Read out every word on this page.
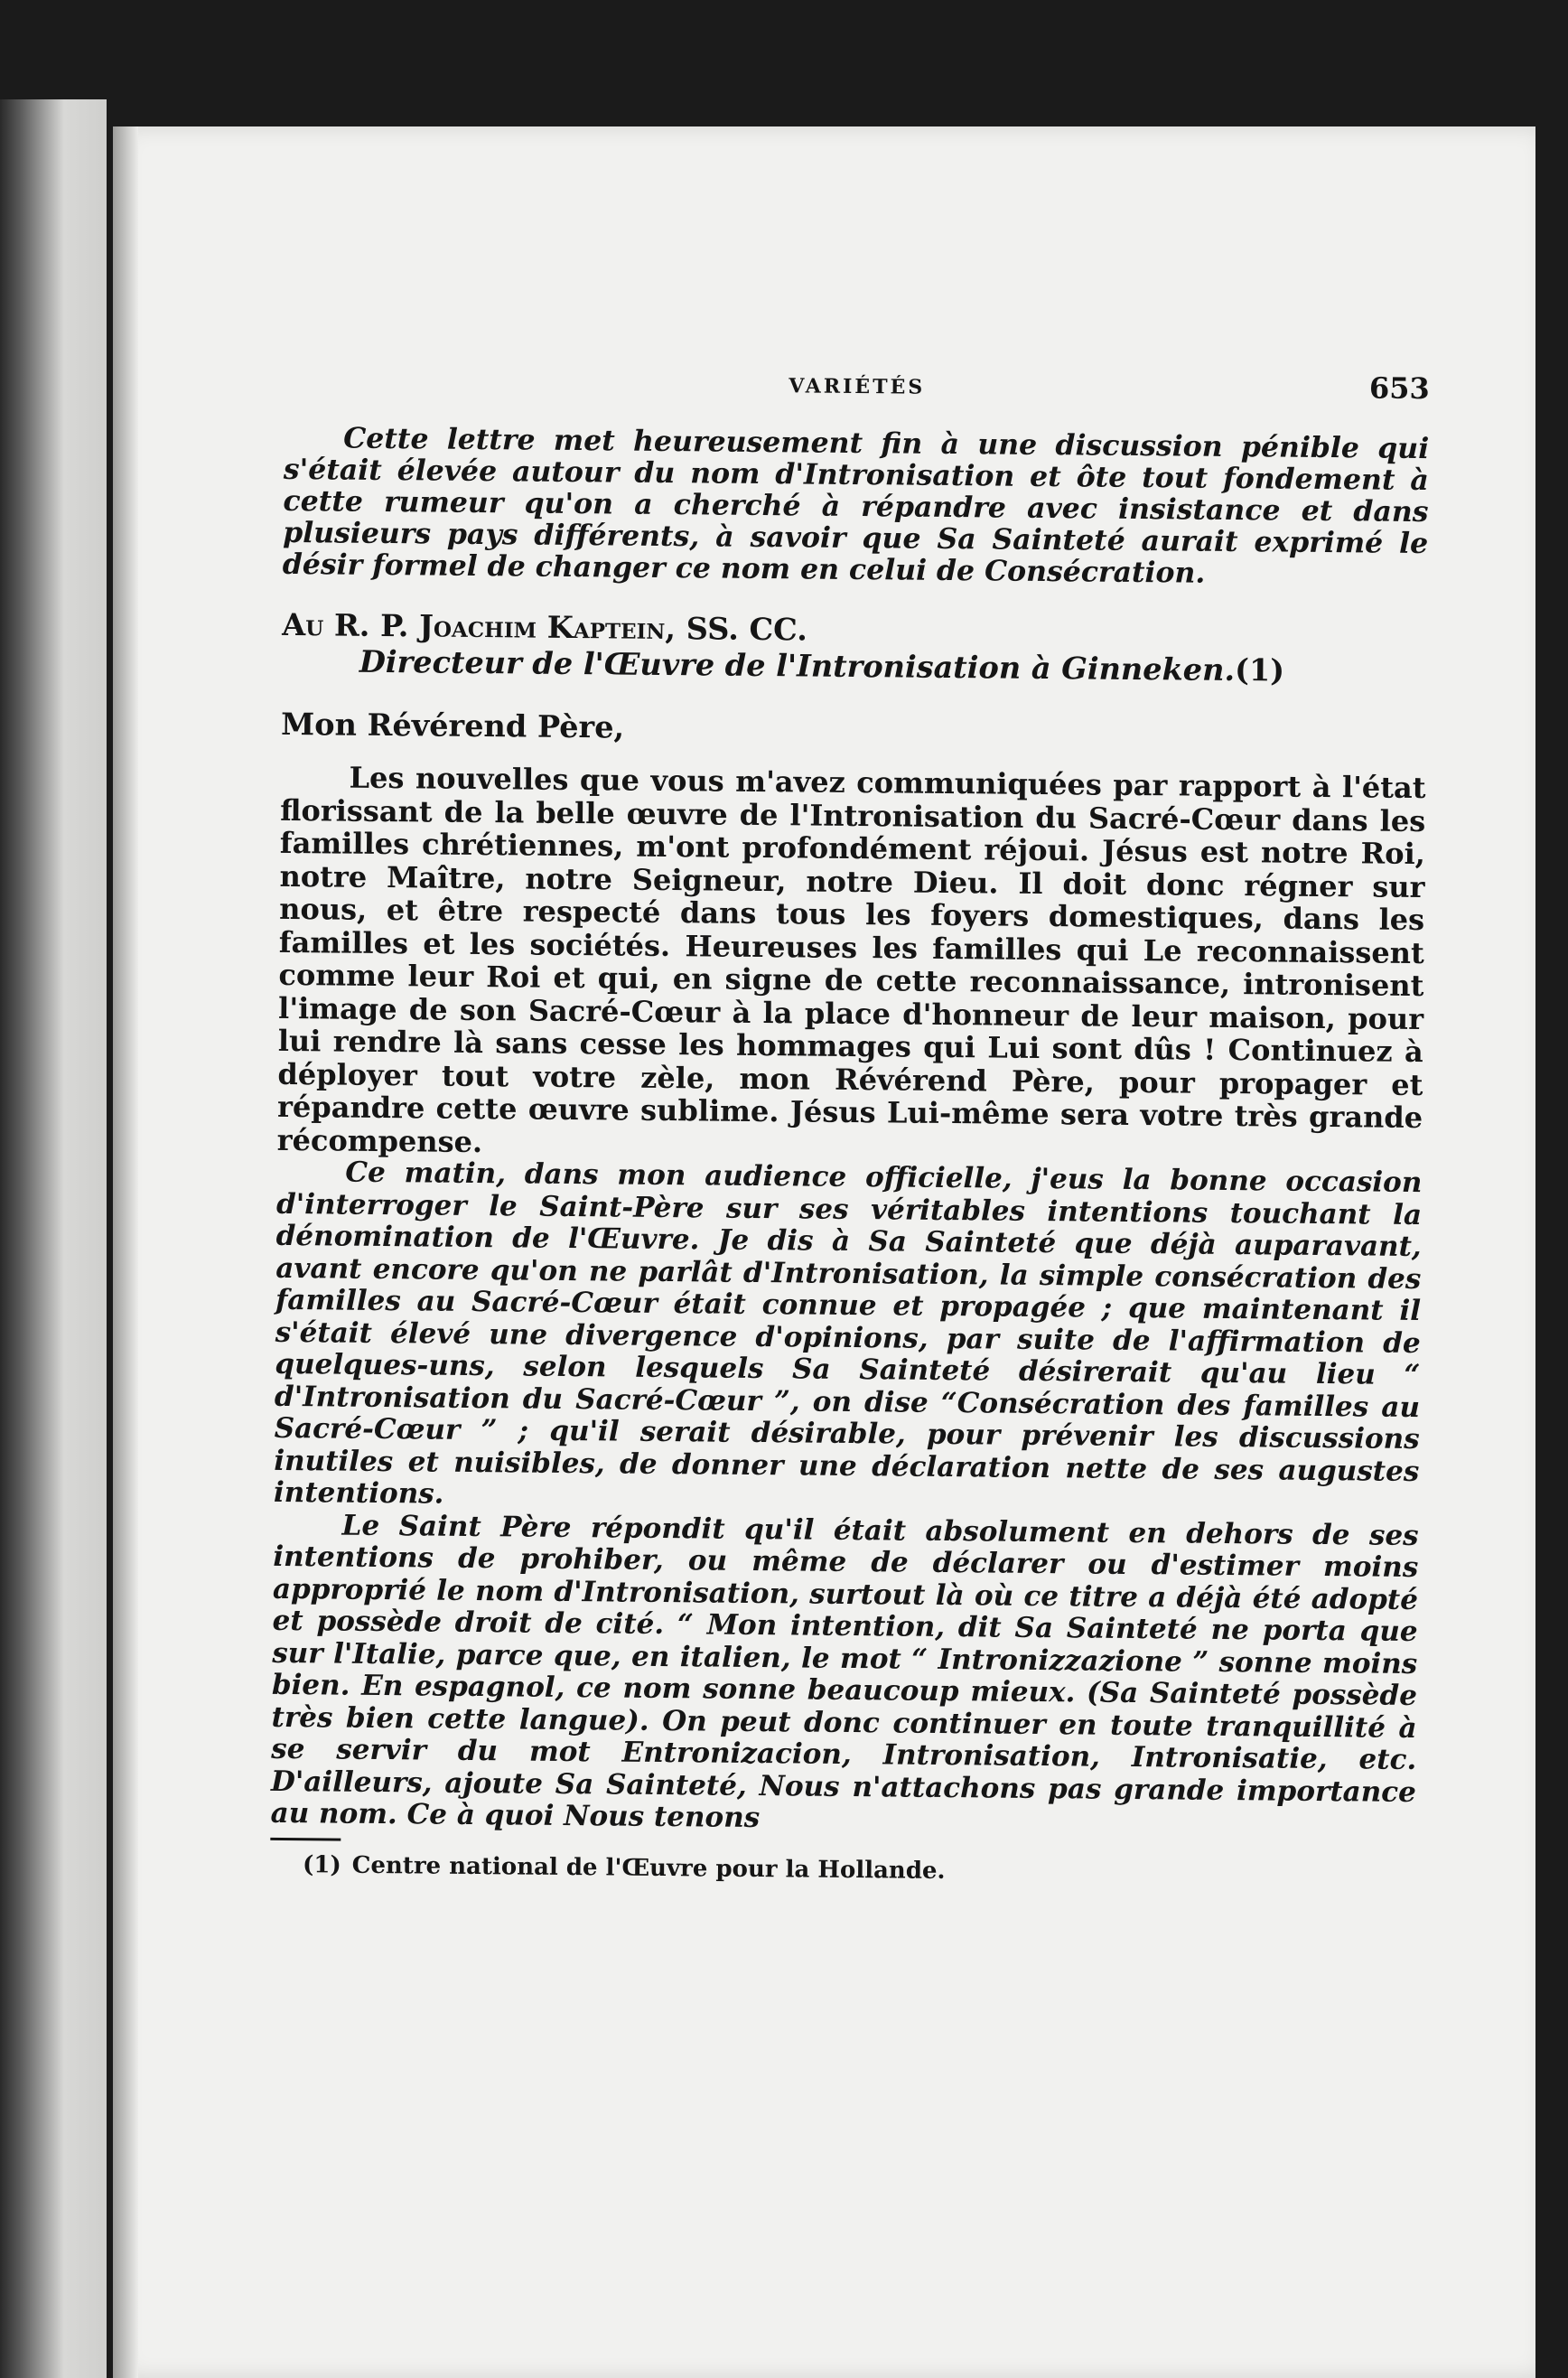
VARIÉTÉS	653

Cette lettre met heureusement fin à une discussion pénible qui s'était élevée autour du nom d'Intronisation et ôte tout fondement à cette rumeur qu'on a cherché à répandre avec insistance et dans plusieurs pays différents, à savoir que Sa Sainteté aurait exprimé le désir formel de changer ce nom en celui de Consécration.

Au R. P. Joachim Kaptein, SS. CC.
Directeur de l'Œuvre de l'Intronisation à Ginneken.(1)

Mon Révérend Père,

Les nouvelles que vous m'avez communiquées par rapport à l'état florissant de la belle œuvre de l'Intronisation du Sacré-Cœur dans les familles chrétiennes, m'ont profondément réjoui. Jésus est notre Roi, notre Maître, notre Seigneur, notre Dieu. Il doit donc régner sur nous, et être respecté dans tous les foyers domestiques, dans les familles et les sociétés. Heureuses les familles qui Le reconnaissent comme leur Roi et qui, en signe de cette reconnaissance, intronisent l'image de son Sacré-Cœur à la place d'honneur de leur maison, pour lui rendre là sans cesse les hommages qui Lui sont dûs ! Continuez à déployer tout votre zèle, mon Révérend Père, pour propager et répandre cette œuvre sublime. Jésus Lui-même sera votre très grande récompense.

Ce matin, dans mon audience officielle, j'eus la bonne occasion d'interroger le Saint-Père sur ses véritables intentions touchant la dénomination de l'Œuvre. Je dis à Sa Sainteté que déjà auparavant, avant encore qu'on ne parlât d'Intronisation, la simple consécration des familles au Sacré-Cœur était connue et propagée ; que maintenant il s'était élevé une divergence d'opinions, par suite de l'affirmation de quelques-uns, selon lesquels Sa Sainteté désirerait qu'au lieu “ d'Intronisation du Sacré-Cœur ”, on dise “Consécration des familles au Sacré-Cœur ” ; qu'il serait désirable, pour prévenir les discussions inutiles et nuisibles, de donner une déclaration nette de ses augustes intentions.

Le Saint Père répondit qu'il était absolument en dehors de ses intentions de prohiber, ou même de déclarer ou d'estimer moins approprié le nom d'Intronisation, surtout là où ce titre a déjà été adopté et possède droit de cité. “ Mon intention, dit Sa Sainteté ne porta que sur l'Italie, parce que, en italien, le mot “ Intronizzazione ” sonne moins bien. En espagnol, ce nom sonne beaucoup mieux. (Sa Sainteté possède très bien cette langue). On peut donc continuer en toute tranquillité à se servir du mot Entronizacion, Intronisation, Intronisatie, etc. D'ailleurs, ajoute Sa Sainteté, Nous n'attachons pas grande importance au nom. Ce à quoi Nous tenons

(1) Centre national de l'Œuvre pour la Hollande.
